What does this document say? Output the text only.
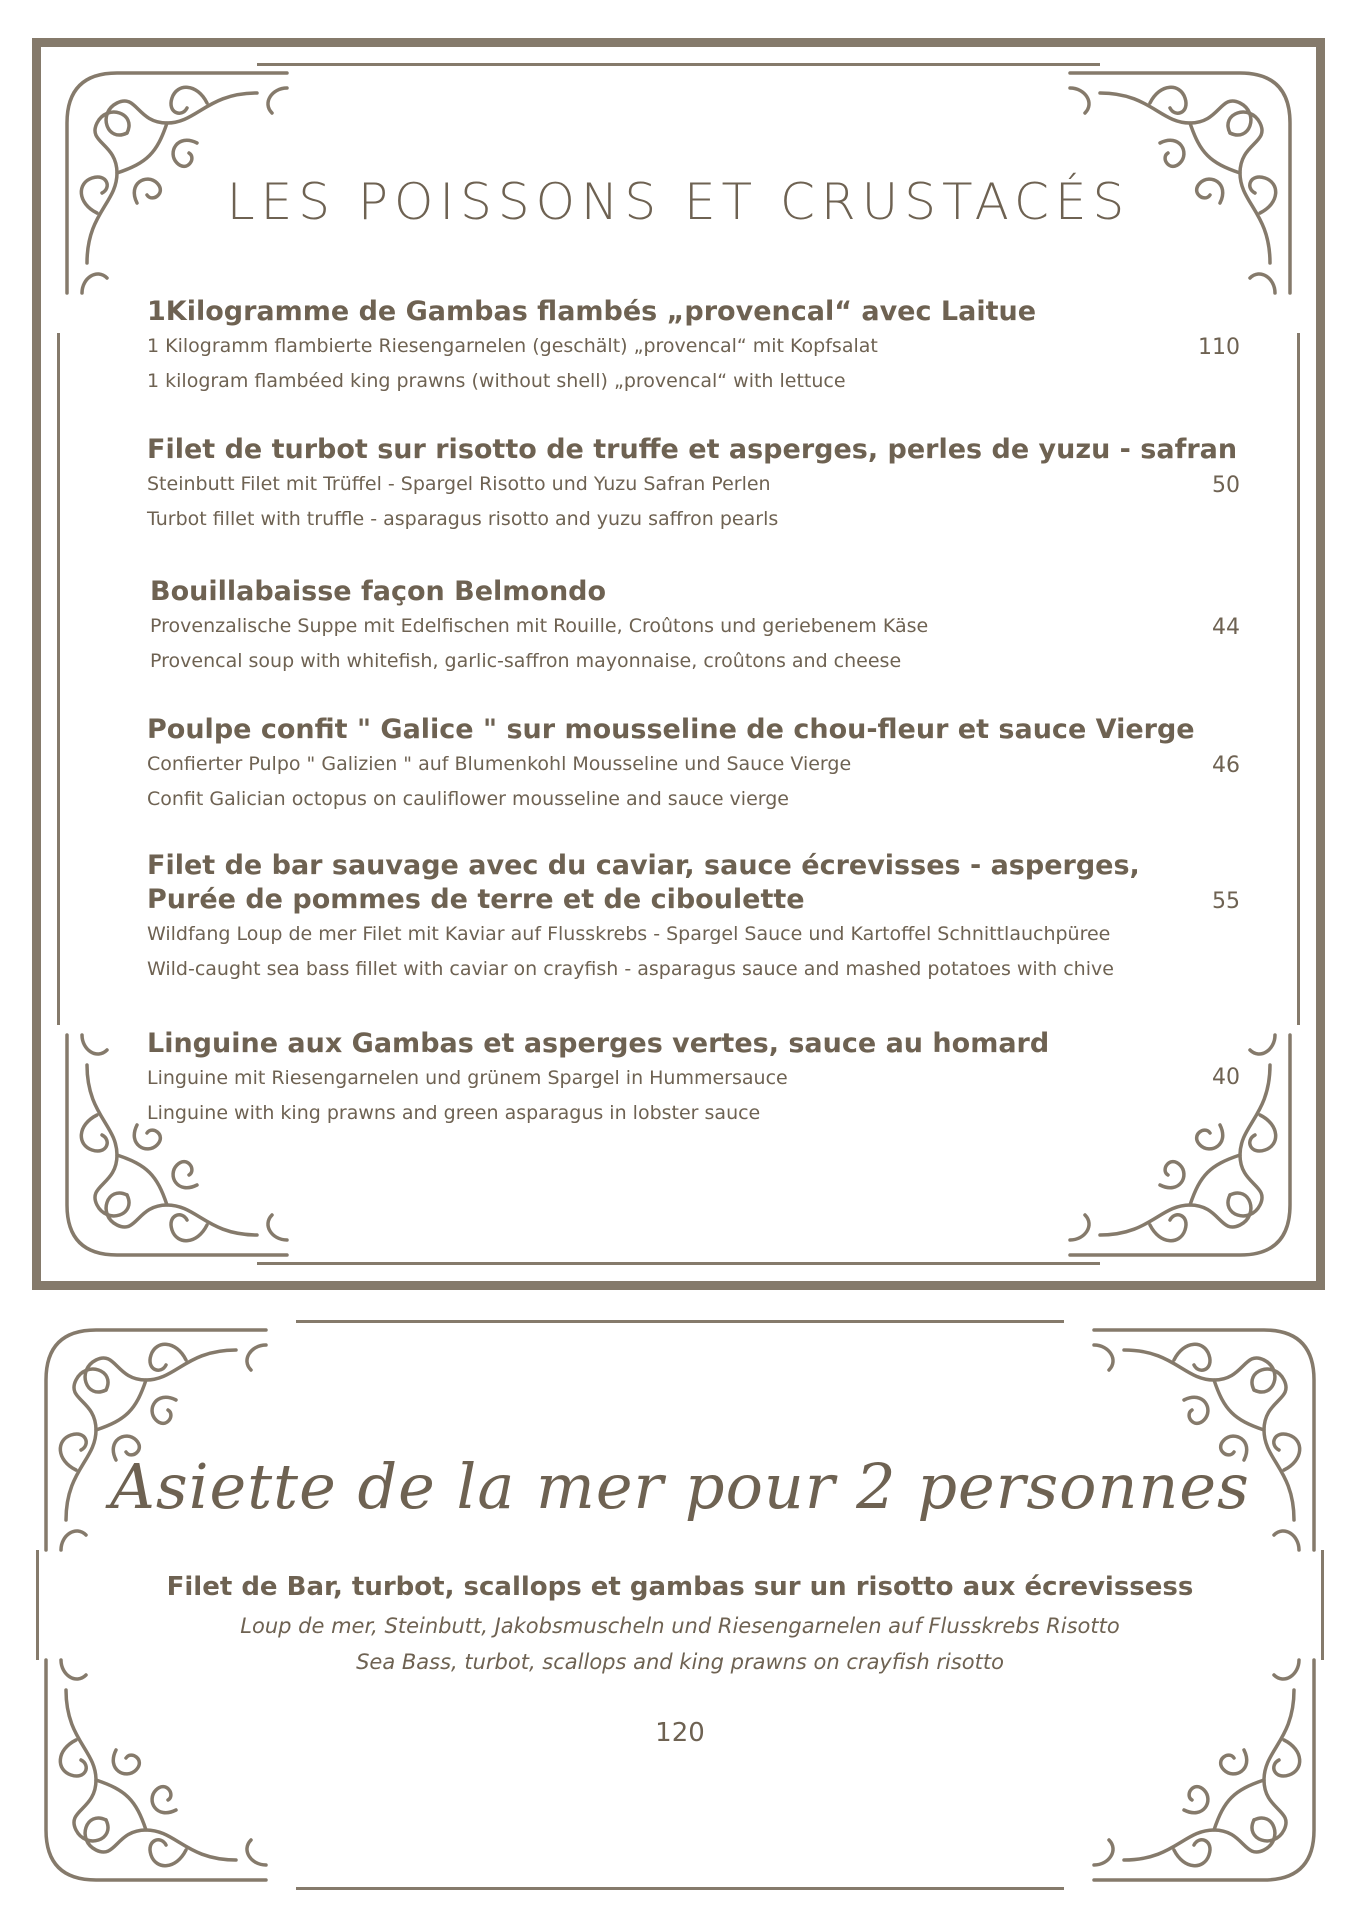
LES POISSONS ET CRUSTACÉS
1Kilogramme de Gambas flambés „provencal“ avec Laitue
1 Kilogramm flambierte Riesengarnelen (geschält) „provencal“ mit Kopfsalat
1 kilogram flambéed king prawns (without shell) „provencal“ with lettuce
110
Filet de turbot sur risotto de truffe et asperges, perles de yuzu - safran
Steinbutt Filet mit Trüffel - Spargel Risotto und Yuzu Safran Perlen
Turbot fillet with truffle - asparagus risotto and yuzu saffron pearls
50
Bouillabaisse façon Belmondo
Provenzalische Suppe mit Edelfischen mit Rouille, Croûtons und geriebenem Käse
Provencal soup with whitefish, garlic-saffron mayonnaise, croûtons and cheese
44
Poulpe confit " Galice " sur mousseline de chou-fleur et sauce Vierge
Confierter Pulpo " Galizien " auf Blumenkohl Mousseline und Sauce Vierge
Confit Galician octopus on cauliflower mousseline and sauce vierge
46
Filet de bar sauvage avec du caviar, sauce écrevisses - asperges,
Purée de pommes de terre et de ciboulette
Wildfang Loup de mer Filet mit Kaviar auf Flusskrebs - Spargel Sauce und Kartoffel Schnittlauchpüree
Wild-caught sea bass fillet with caviar on crayfish - asparagus sauce and mashed potatoes with chive
55
Linguine aux Gambas et asperges vertes, sauce au homard
Linguine mit Riesengarnelen und grünem Spargel in Hummersauce
Linguine with king prawns and green asparagus in lobster sauce
40
Asiette de la mer pour 2 personnes
Filet de Bar, turbot, scallops et gambas sur un risotto aux écrevissess
Loup de mer, Steinbutt, Jakobsmuscheln und Riesengarnelen auf Flusskrebs Risotto
Sea Bass, turbot, scallops and king prawns on crayfish risotto
120
